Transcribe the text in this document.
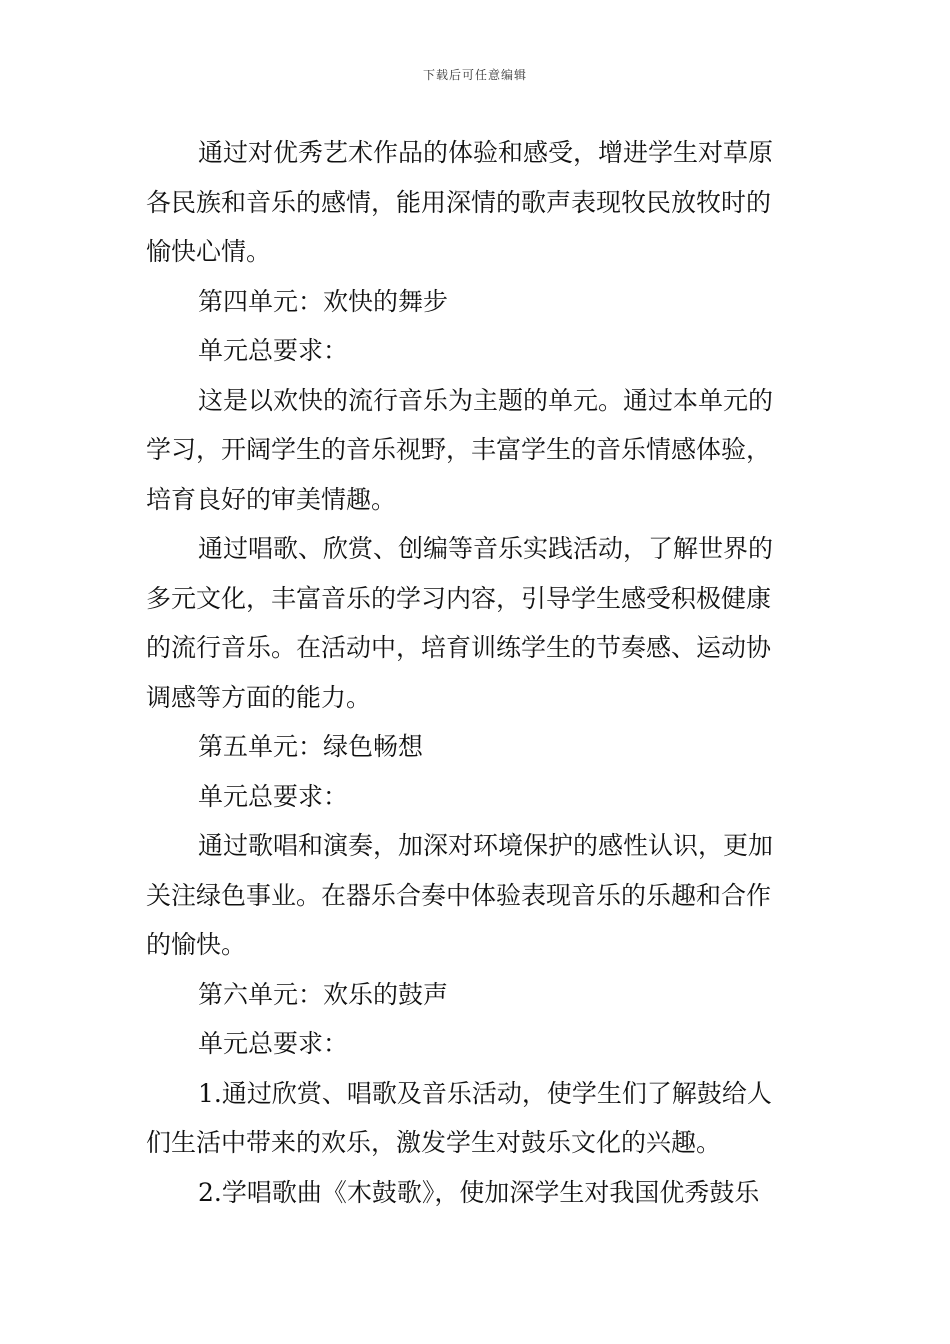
下载后可任意编辑
通过对优秀艺术作品的体验和感受，增进学生对草原
各民族和音乐的感情，能用深情的歌声表现牧民放牧时的
愉快心情。
第四单元：欢快的舞步
单元总要求：
这是以欢快的流行音乐为主题的单元。通过本单元的
学习，开阔学生的音乐视野，丰富学生的音乐情感体验，
培育良好的审美情趣。
通过唱歌、欣赏、创编等音乐实践活动，了解世界的
多元文化，丰富音乐的学习内容，引导学生感受积极健康
的流行音乐。在活动中，培育训练学生的节奏感、运动协
调感等方面的能力。
第五单元：绿色畅想
单元总要求：
通过歌唱和演奏，加深对环境保护的感性认识，更加
关注绿色事业。在器乐合奏中体验表现音乐的乐趣和合作
的愉快。
第六单元：欢乐的鼓声
单元总要求：
1.通过欣赏、唱歌及音乐活动，使学生们了解鼓给人
们生活中带来的欢乐，激发学生对鼓乐文化的兴趣。
2.学唱歌曲《木鼓歌》，使加深学生对我国优秀鼓乐
